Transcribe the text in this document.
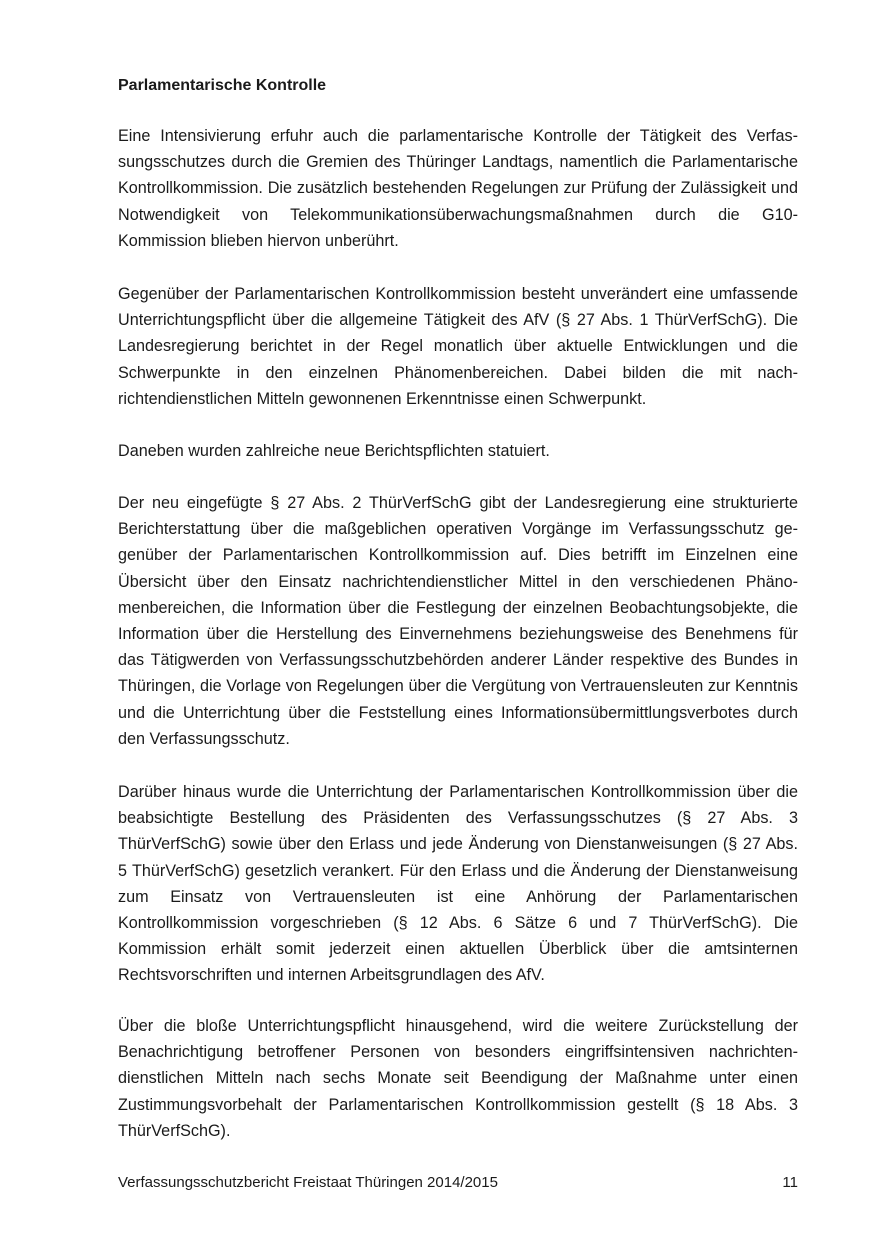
Parlamentarische Kontrolle

Eine Intensivierung erfuhr auch die parlamentarische Kontrolle der Tätigkeit des Verfassungsschutzes durch die Gremien des Thüringer Landtags, namentlich die Parlamentarische Kontrollkommission. Die zusätzlich bestehenden Regelungen zur Prüfung der Zulässigkeit und Notwendigkeit von Telekommunikationsüberwachungsmaßnahmen durch die G10- Kommission blieben hiervon unberührt.

Gegenüber der Parlamentarischen Kontrollkommission besteht unverändert eine umfassende Unterrichtungspflicht über die allgemeine Tätigkeit des AfV (§ 27 Abs. 1 ThürVerfSchG). Die Landesregierung berichtet in der Regel monatlich über aktuelle Entwicklungen und die Schwerpunkte in den einzelnen Phänomenbereichen. Dabei bilden die mit nachrichtendienstlichen Mitteln gewonnenen Erkenntnisse einen Schwerpunkt.

Daneben wurden zahlreiche neue Berichtspflichten statuiert.

Der neu eingefügte § 27 Abs. 2 ThürVerfSchG gibt der Landesregierung eine strukturierte Berichterstattung über die maßgeblichen operativen Vorgänge im Verfassungsschutz gegenüber der Parlamentarischen Kontrollkommission auf. Dies betrifft im Einzelnen eine Übersicht über den Einsatz nachrichtendienstlicher Mittel in den verschiedenen Phänomenbereichen, die Information über die Festlegung der einzelnen Beobachtungsobjekte, die Information über die Herstellung des Einvernehmens beziehungsweise des Benehmens für das Tätigwerden von Verfassungsschutzbehörden anderer Länder respektive des Bundes in Thüringen, die Vorlage von Regelungen über die Vergütung von Vertrauensleuten zur Kenntnis und die Unterrichtung über die Feststellung eines Informationsübermittlungsverbotes durch den Verfassungsschutz.

Darüber hinaus wurde die Unterrichtung der Parlamentarischen Kontrollkommission über die beabsichtigte Bestellung des Präsidenten des Verfassungsschutzes (§ 27 Abs. 3 ThürVerfSchG) sowie über den Erlass und jede Änderung von Dienstanweisungen (§ 27 Abs. 5 ThürVerfSchG) gesetzlich verankert. Für den Erlass und die Änderung der Dienstanweisung zum Einsatz von Vertrauensleuten ist eine Anhörung der Parlamentarischen Kontrollkommission vorgeschrieben (§ 12 Abs. 6 Sätze 6 und 7 ThürVerfSchG). Die Kommission erhält somit jederzeit einen aktuellen Überblick über die amtsinternen Rechtsvorschriften und internen Arbeitsgrundlagen des AfV.

Über die bloße Unterrichtungspflicht hinausgehend, wird die weitere Zurückstellung der Benachrichtigung betroffener Personen von besonders eingriffsintensiven nachrichtendienstlichen Mitteln nach sechs Monate seit Beendigung der Maßnahme unter einen Zustimmungsvorbehalt der Parlamentarischen Kontrollkommission gestellt (§ 18 Abs. 3 ThürVerfSchG).

Verfassungsschutzbericht Freistaat Thüringen 2014/2015	11
